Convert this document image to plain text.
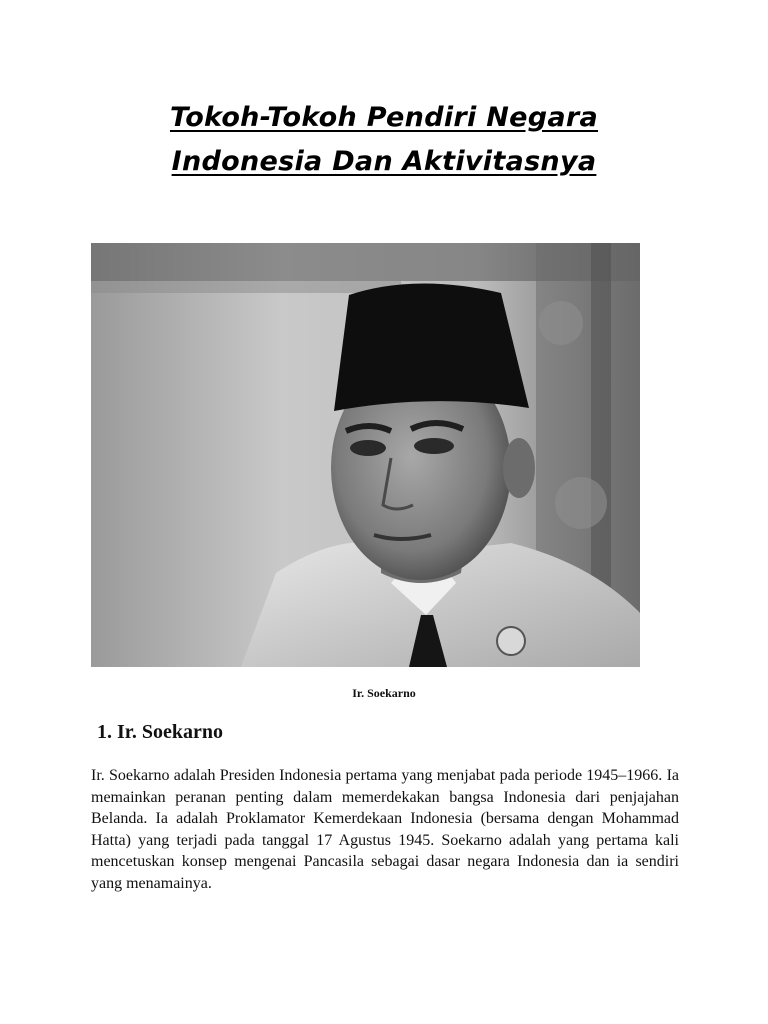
Tokoh-Tokoh Pendiri Negara
Indonesia Dan Aktivitasnya
Ir. Soekarno
1. Ir. Soekarno

Ir. Soekarno adalah Presiden Indonesia pertama yang menjabat pada periode 1945–1966. Ia memainkan peranan penting dalam memerdekakan bangsa Indonesia dari penjajahan Belanda. Ia adalah Proklamator Kemerdekaan Indonesia (bersama dengan Mohammad Hatta) yang terjadi pada tanggal 17 Agustus 1945. Soekarno adalah yang pertama kali mencetuskan konsep mengenai Pancasila sebagai dasar negara Indonesia dan ia sendiri yang menamainya.
